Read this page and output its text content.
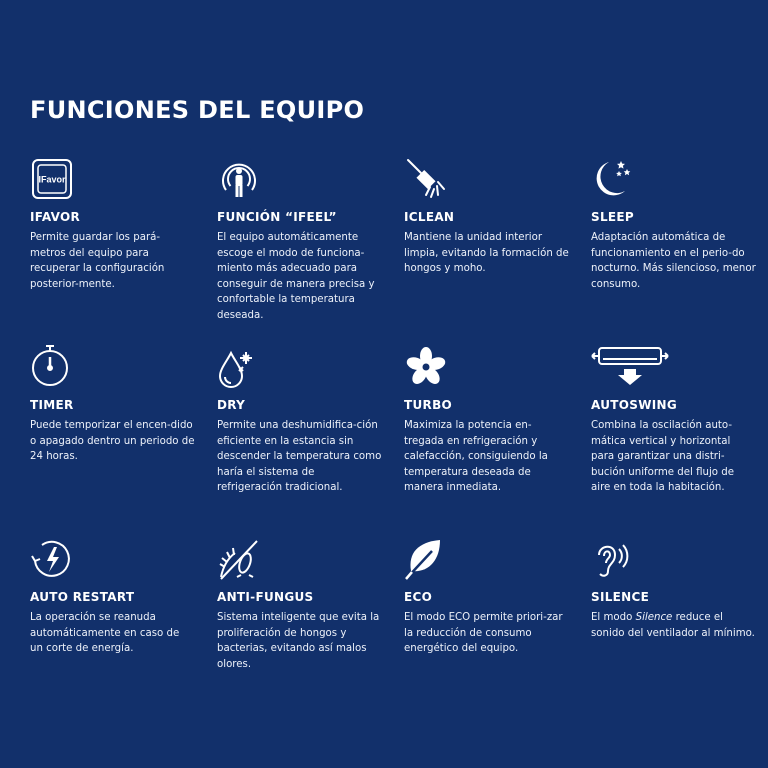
FUNCIONES DEL EQUIPO
IFavor
IFAVOR
Permite guardar los pará-metros del equipo para recuperar la configuración posterior-mente.
FUNCIÓN “IFEEL”
El equipo automáticamente escoge el modo de funciona-miento más adecuado para conseguir de manera precisa y confortable la temperatura deseada.
ICLEAN
Mantiene la unidad interior limpia, evitando la formación de hongos y moho.
SLEEP
Adaptación automática de funcionamiento en el perio-do nocturno. Más silencioso, menor consumo.
TIMER
Puede temporizar el encen-dido o apagado dentro un periodo de 24 horas.
DRY
Permite una deshumidifica-ción eficiente en la estancia sin descender la temperatura como haría el sistema de refrigeración tradicional.
TURBO
Maximiza la potencia en-tregada en refrigeración y calefacción, consiguiendo la temperatura deseada de manera inmediata.
AUTOSWING
Combina la oscilación auto-mática vertical y horizontal para garantizar una distri-bución uniforme del flujo de aire en toda la habitación.
AUTO RESTART
La operación se reanuda automáticamente en caso de un corte de energía.
ANTI-FUNGUS
Sistema inteligente que evita la proliferación de hongos y bacterias, evitando así malos olores.
ECO
El modo ECO permite priori-zar la reducción de consumo energético del equipo.
SILENCE
El modo Silence reduce el sonido del ventilador al mínimo.
